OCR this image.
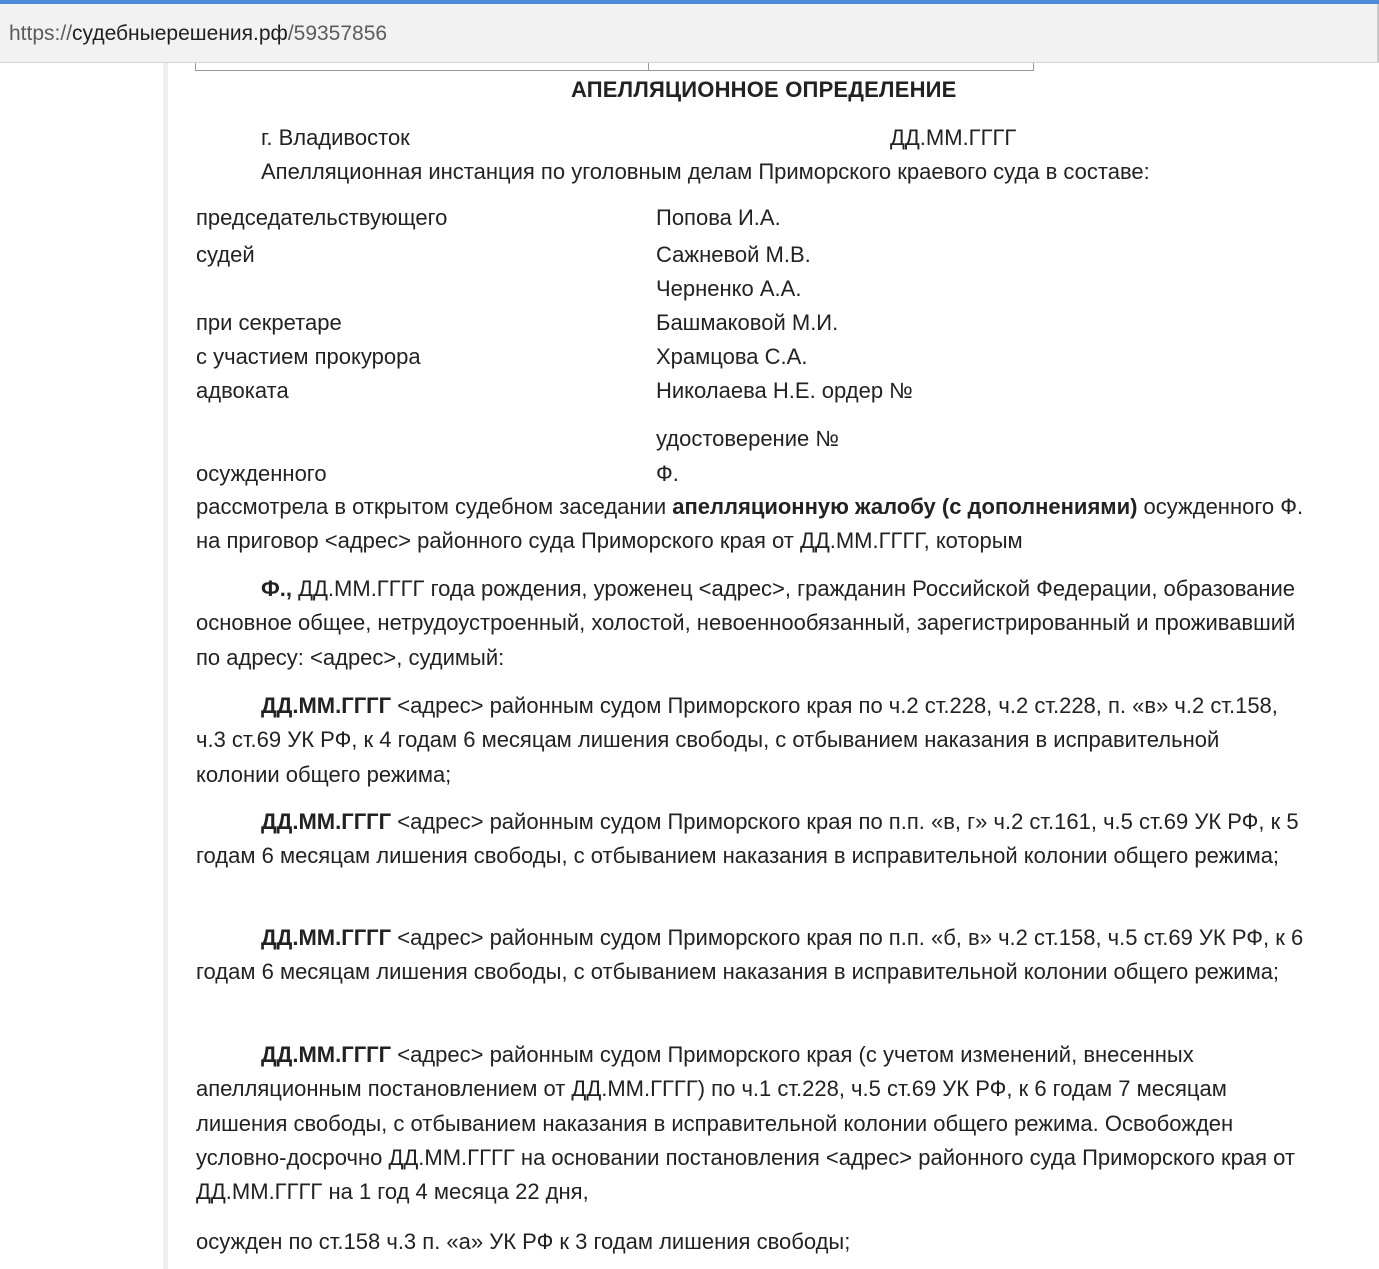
https://судебныерешения.рф/59357856
АПЕЛЛЯЦИОННОЕ ОПРЕДЕЛЕНИЕ
г. Владивосток	ДД.ММ.ГГГГ
Апелляционная инстанция по уголовным делам Приморского краевого суда в составе:
председательствующего	Попова И.А.
судей	Сажневой М.В.
Черненко А.А.
при секретаре	Башмаковой М.И.
с участием прокурора	Храмцова С.А.
адвоката	Николаева Н.Е. ордер №
удостоверение №
осужденного	Ф.
рассмотрела в открытом судебном заседании апелляционную жалобу (с дополнениями) осужденного Ф. на приговор <адрес> районного суда Приморского края от ДД.ММ.ГГГГ, которым
Ф., ДД.ММ.ГГГГ года рождения, уроженец <адрес>, гражданин Российской Федерации, образование основное общее, нетрудоустроенный, холостой, невоеннообязанный, зарегистрированный и проживавший по адресу: <адрес>, судимый:
ДД.ММ.ГГГГ <адрес> районным судом Приморского края по ч.2 ст.228, ч.2 ст.228, п. «в» ч.2 ст.158, ч.3 ст.69 УК РФ, к 4 годам 6 месяцам лишения свободы, с отбыванием наказания в исправительной колонии общего режима;
ДД.ММ.ГГГГ <адрес> районным судом Приморского края по п.п. «в, г» ч.2 ст.161, ч.5 ст.69 УК РФ, к 5 годам 6 месяцам лишения свободы, с отбыванием наказания в исправительной колонии общего режима;
ДД.ММ.ГГГГ <адрес> районным судом Приморского края по п.п. «б, в» ч.2 ст.158, ч.5 ст.69 УК РФ, к 6 годам 6 месяцам лишения свободы, с отбыванием наказания в исправительной колонии общего режима;
ДД.ММ.ГГГГ <адрес> районным судом Приморского края (с учетом изменений, внесенных апелляционным постановлением от ДД.ММ.ГГГГ) по ч.1 ст.228, ч.5 ст.69 УК РФ, к 6 годам 7 месяцам лишения свободы, с отбыванием наказания в исправительной колонии общего режима. Освобожден условно-досрочно ДД.ММ.ГГГГ на основании постановления <адрес> районного суда Приморского края от ДД.ММ.ГГГГ на 1 год 4 месяца 22 дня,
осужден по ст.158 ч.3 п. «а» УК РФ к 3 годам лишения свободы;
